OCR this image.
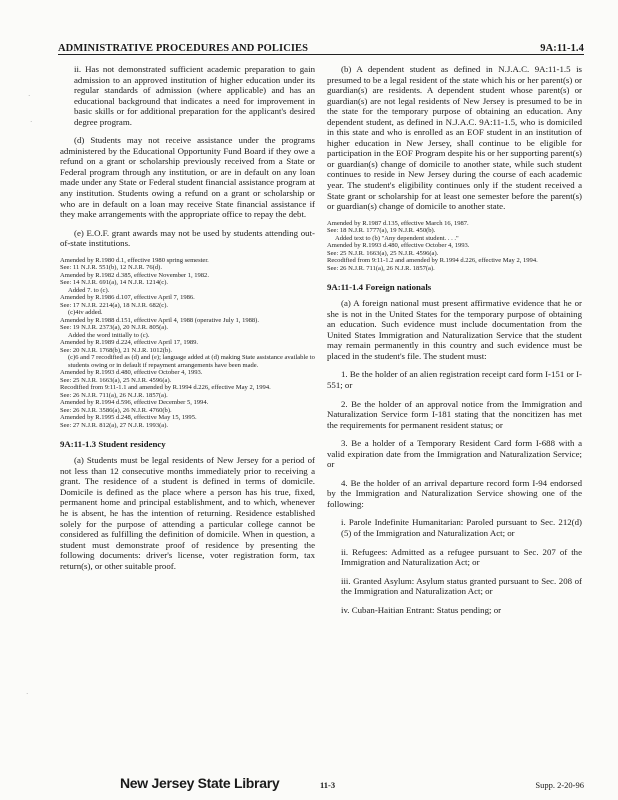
ADMINISTRATIVE PROCEDURES AND POLICIES	9A:11-1.4

ii. Has not demonstrated sufficient academic preparation to gain admission to an approved institution of higher education under its regular standards of admission (where applicable) and has an educational background that indicates a need for improvement in basic skills or for additional preparation for the applicant's desired degree program.

(d) Students may not receive assistance under the programs administered by the Educational Opportunity Fund Board if they owe a refund on a grant or scholarship previously received from a State or Federal program through any institution, or are in default on any loan made under any State or Federal student financial assistance program at any institution. Students owing a refund on a grant or scholarship or who are in default on a loan may receive State financial assistance if they make arrangements with the appropriate office to repay the debt.

(e) E.O.F. grant awards may not be used by students attending out-of-state institutions.

Amended by R.1980 d.1, effective 1980 spring semester.
See: 11 N.J.R. 551(b), 12 N.J.R. 76(d).
Amended by R.1982 d.385, effective November 1, 1982.
See: 14 N.J.R. 691(a), 14 N.J.R. 1214(c).
Added 7. to (c).
Amended by R.1986 d.107, effective April 7, 1986.
See: 17 N.J.R. 2214(a), 18 N.J.R. 682(c).
(c)4iv added.
Amended by R.1988 d.151, effective April 4, 1988 (operative July 1, 1988).
See: 19 N.J.R. 2373(a), 20 N.J.R. 805(a).
Added the word initially to (c).
Amended by R.1989 d.224, effective April 17, 1989.
See: 20 N.J.R. 1768(b), 21 N.J.R. 1012(b).
(c)6 and 7 recodified as (d) and (e); language added at (d) making State assistance available to students owing or in default if repayment arrangements have been made.
Amended by R.1993 d.480, effective October 4, 1993.
See: 25 N.J.R. 1663(a), 25 N.J.R. 4596(a).
Recodified from 9:11-1.1 and amended by R.1994 d.226, effective May 2, 1994.
See: 26 N.J.R. 711(a), 26 N.J.R. 1857(a).
Amended by R.1994 d.596, effective December 5, 1994.
See: 26 N.J.R. 3586(a), 26 N.J.R. 4760(b).
Amended by R.1995 d.248, effective May 15, 1995.
See: 27 N.J.R. 812(a), 27 N.J.R. 1993(a).
9A:11-1.3 Student residency

(a) Students must be legal residents of New Jersey for a period of not less than 12 consecutive months immediately prior to receiving a grant. The residence of a student is defined in terms of domicile. Domicile is defined as the place where a person has his true, fixed, permanent home and principal establishment, and to which, whenever he is absent, he has the intention of returning. Residence established solely for the purpose of attending a particular college cannot be considered as fulfilling the definition of domicile. When in question, a student must demonstrate proof of residence by presenting the following documents: driver's license, voter registration form, tax return(s), or other suitable proof.

(b) A dependent student as defined in N.J.A.C. 9A:11-1.5 is presumed to be a legal resident of the state which his or her parent(s) or guardian(s) are residents. A dependent student whose parent(s) or guardian(s) are not legal residents of New Jersey is presumed to be in the state for the temporary purpose of obtaining an education. Any dependent student, as defined in N.J.A.C. 9A:11-1.5, who is domiciled in this state and who is enrolled as an EOF student in an institution of higher education in New Jersey, shall continue to be eligible for participation in the EOF Program despite his or her supporting parent(s) or guardian(s) change of domicile to another state, while such student continues to reside in New Jersey during the course of each academic year. The student's eligibility continues only if the student received a State grant or scholarship for at least one semester before the parent(s) or guardian(s) change of domicile to another state.

Amended by R.1987 d.135, effective March 16, 1987.
See: 18 N.J.R. 1777(a), 19 N.J.R. 450(b).
Added text to (b) "Any dependent student. . . ."
Amended by R.1993 d.480, effective October 4, 1993.
See: 25 N.J.R. 1663(a), 25 N.J.R. 4596(a).
Recodified from 9:11-1.2 and amended by R.1994 d.226, effective May 2, 1994.
See: 26 N.J.R. 711(a), 26 N.J.R. 1857(a).
9A:11-1.4 Foreign nationals

(a) A foreign national must present affirmative evidence that he or she is not in the United States for the temporary purpose of obtaining an education. Such evidence must include documentation from the United States Immigration and Naturalization Service that the student may remain permanently in this country and such evidence must be placed in the student's file. The student must:

1. Be the holder of an alien registration receipt card form I-151 or I-551; or

2. Be the holder of an approval notice from the Immigration and Naturalization Service form I-181 stating that the noncitizen has met the requirements for permanent resident status; or

3. Be a holder of a Temporary Resident Card form I-688 with a valid expiration date from the Immigration and Naturalization Service; or

4. Be the holder of an arrival departure record form I-94 endorsed by the Immigration and Naturalization Service showing one of the following:

i. Parole Indefinite Humanitarian: Paroled pursuant to Sec. 212(d)(5) of the Immigration and Naturalization Act; or

ii. Refugees: Admitted as a refugee pursuant to Sec. 207 of the Immigration and Naturalization Act; or

iii. Granted Asylum: Asylum status granted pursuant to Sec. 208 of the Immigration and Naturalization Act; or

iv. Cuban-Haitian Entrant: Status pending; or

·
·
·
New Jersey State Library	11-3	Supp. 2-20-96
